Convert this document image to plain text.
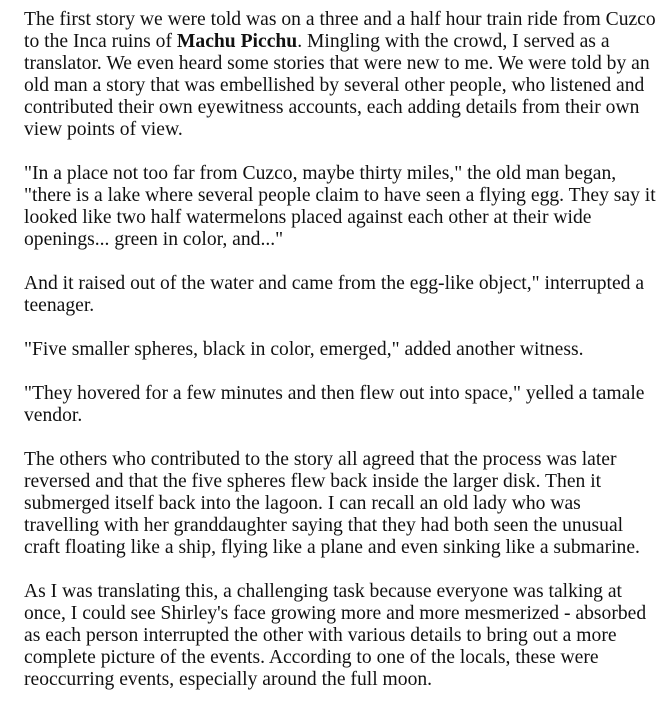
The first story we were told was on a three and a half hour train ride from Cuzco to the Inca ruins of Machu Picchu. Mingling with the crowd, I served as a translator. We even heard some stories that were new to me. We were told by an old man a story that was embellished by several other people, who listened and contributed their own eyewitness accounts, each adding details from their own view points of view.

"In a place not too far from Cuzco, maybe thirty miles," the old man began, "there is a lake where several people claim to have seen a flying egg. They say it looked like two half watermelons placed against each other at their wide openings... green in color, and..."

And it raised out of the water and came from the egg-like object," interrupted a teenager.

"Five smaller spheres, black in color, emerged," added another witness.

"They hovered for a few minutes and then flew out into space," yelled a tamale vendor.

The others who contributed to the story all agreed that the process was later reversed and that the five spheres flew back inside the larger disk. Then it submerged itself back into the lagoon. I can recall an old lady who was travelling with her granddaughter saying that they had both seen the unusual craft floating like a ship, flying like a plane and even sinking like a submarine.

As I was translating this, a challenging task because everyone was talking at once, I could see Shirley's face growing more and more mesmerized - absorbed as each person interrupted the other with various details to bring out a more complete picture of the events. According to one of the locals, these were reoccurring events, especially around the full moon.
